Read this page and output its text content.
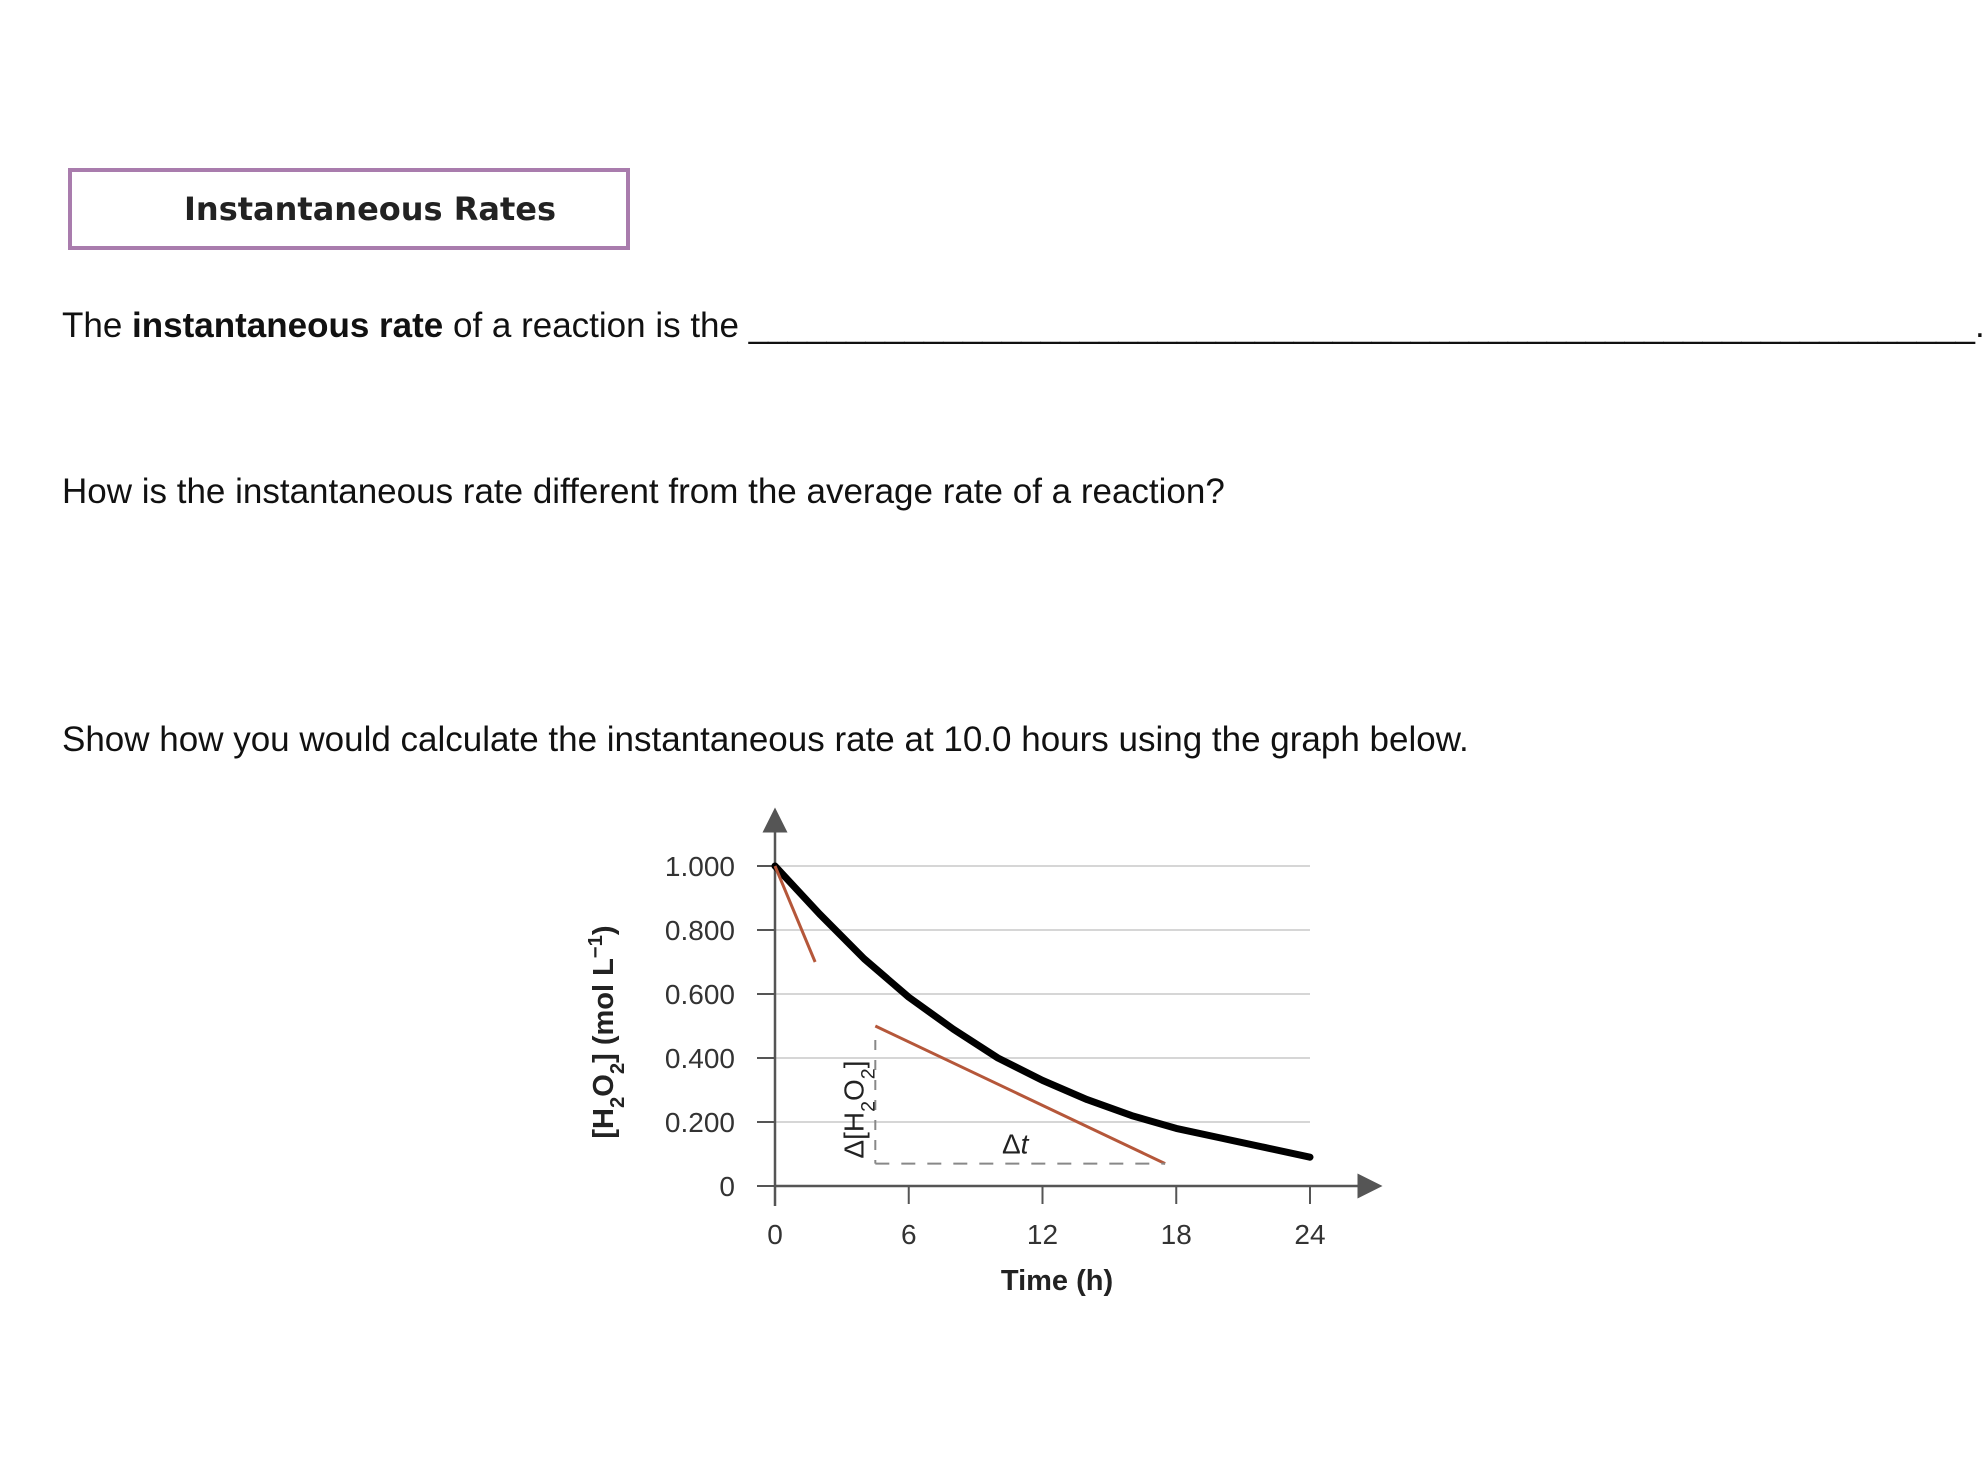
Instantaneous Rates
The instantaneous rate of a reaction is the _______________________________________________________________.
How is the instantaneous rate different from the average rate of a reaction?
Show how you would calculate the instantaneous rate at 10.0 hours using the graph below.
0
0.200
0.400
0.600
0.800
1.000
0	6	12	18	24
$\Delta[H_2O_2]$
Δt
Time (h)
$[H_2O_2]$ (mol $L^{-1}$)
